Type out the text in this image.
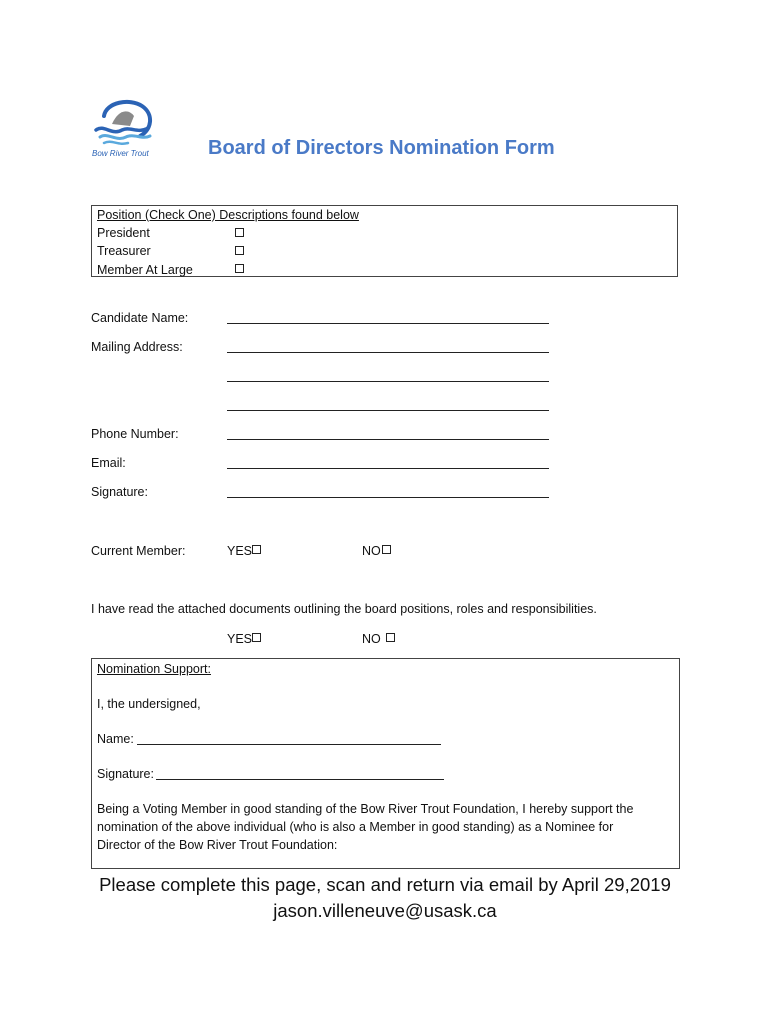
Bow River Trout	Board of Directors Nomination Form
Position (Check One) Descriptions found below
President
Treasurer
Member At Large
Candidate Name:
Mailing Address:
Phone Number:
Email:
Signature:
Current Member:	YES	NO
I have read the attached documents outlining the board positions, roles and responsibilities.
YES	NO
Nomination Support:
I, the undersigned,
Name:
Signature:
Being a Voting Member in good standing of the Bow River Trout Foundation, I hereby support the nomination of the above individual (who is also a Member in good standing) as a Nominee for Director of the Bow River Trout Foundation:
Please complete this page, scan and return via email by April 29,2019
jason.villeneuve@usask.ca
